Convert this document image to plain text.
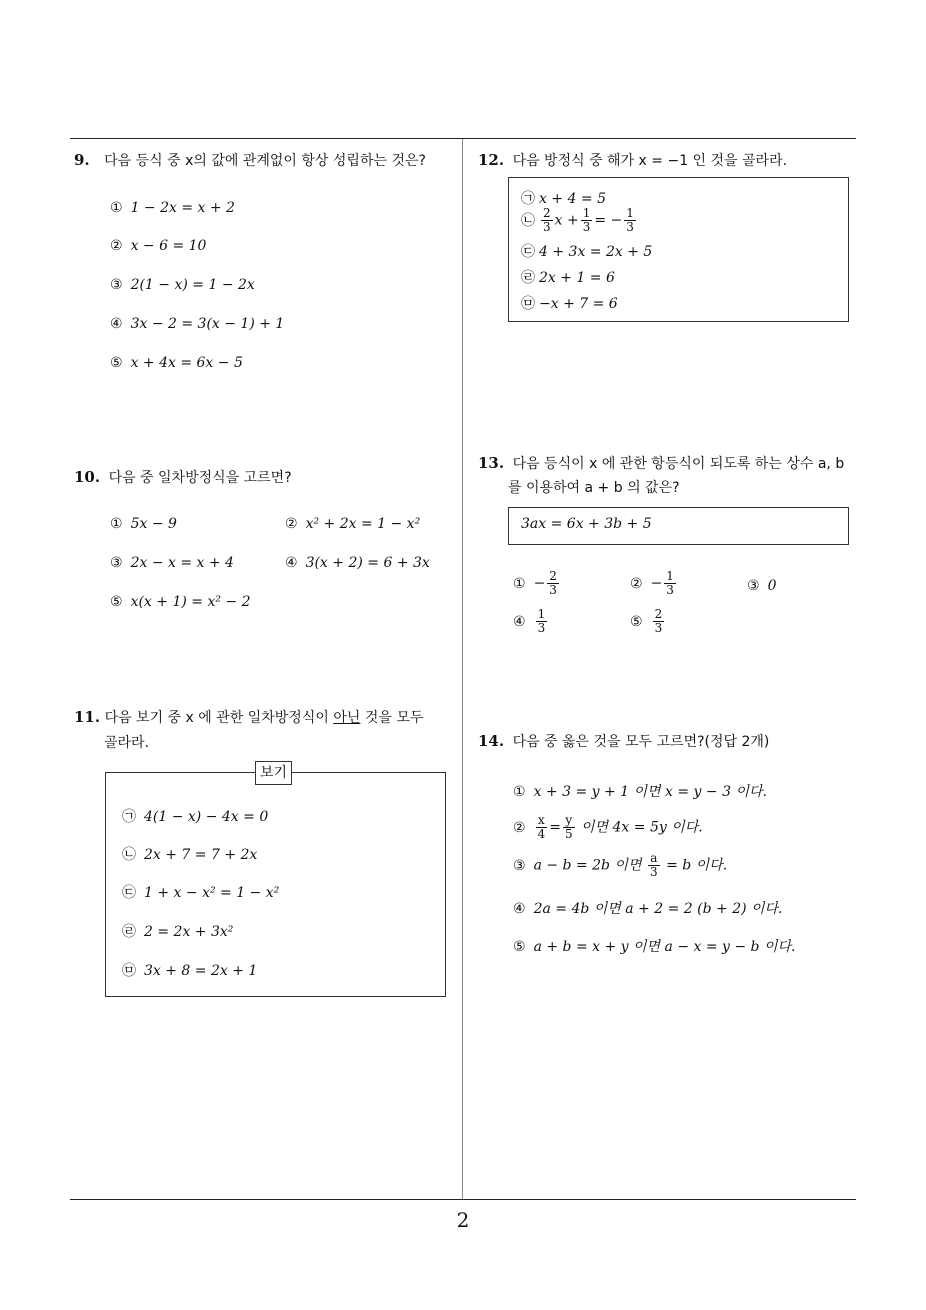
2
9. 다음 등식 중 x의 값에 관계없이 항상 성립하는 것은?
① 1 − 2x = x + 2
② x − 6 = 10
③ 2(1 − x) = 1 − 2x
④ 3x − 2 = 3(x − 1) + 1
⑤ x + 4x = 6x − 5
10. 다음 중 일차방정식을 고르면?
① 5x − 9	② x² + 2x = 1 − x²
③ 2x − x = x + 4	④ 3(x + 2) = 6 + 3x
⑤ x(x + 1) = x² − 2
11. 다음 보기 중 x 에 관한 일차방정식이 아닌 것을 모두
골라라.
보기
㉠ 4(1 − x) − 4x = 0
㉡ 2x + 7 = 7 + 2x
㉢ 1 + x − x² = 1 − x²
㉣ 2 = 2x + 3x²
㉤ 3x + 8 = 2x + 1
12. 다음 방정식 중 해가 x = −1 인 것을 골라라.
㉠ x + 4 = 5
㉡ $\frac{2}{3}$ $x + \frac{1}{3}$ = − $\frac{1}{3}$
㉢ 4 + 3x = 2x + 5
㉣ 2x + 1 = 6
㉤ −x + 7 = 6
13. 다음 등식이 x 에 관한 항등식이 되도록 하는 상수 a, b
를 이용하여 a + b 의 값은?
3ax = 6x + 3b + 5
① − $\frac{2}{3}$	② − $\frac{1}{3}$	③ 0
④ $\frac{1}{3}$	⑤ $\frac{2}{3}$
14. 다음 중 옳은 것을 모두 고르면?(정답 2개)
① x + 3 = y + 1 이면 x = y − 3 이다.
② $\frac{x}{4} = \frac{y}{5}$ 이면 4x = 5y 이다.
③ a − b = 2b 이면 $\frac{a}{3} = b$ 이다.
④ 2a = 4b 이면 a + 2 = 2 (b + 2) 이다.
⑤ a + b = x + y 이면 a − x = y − b 이다.
